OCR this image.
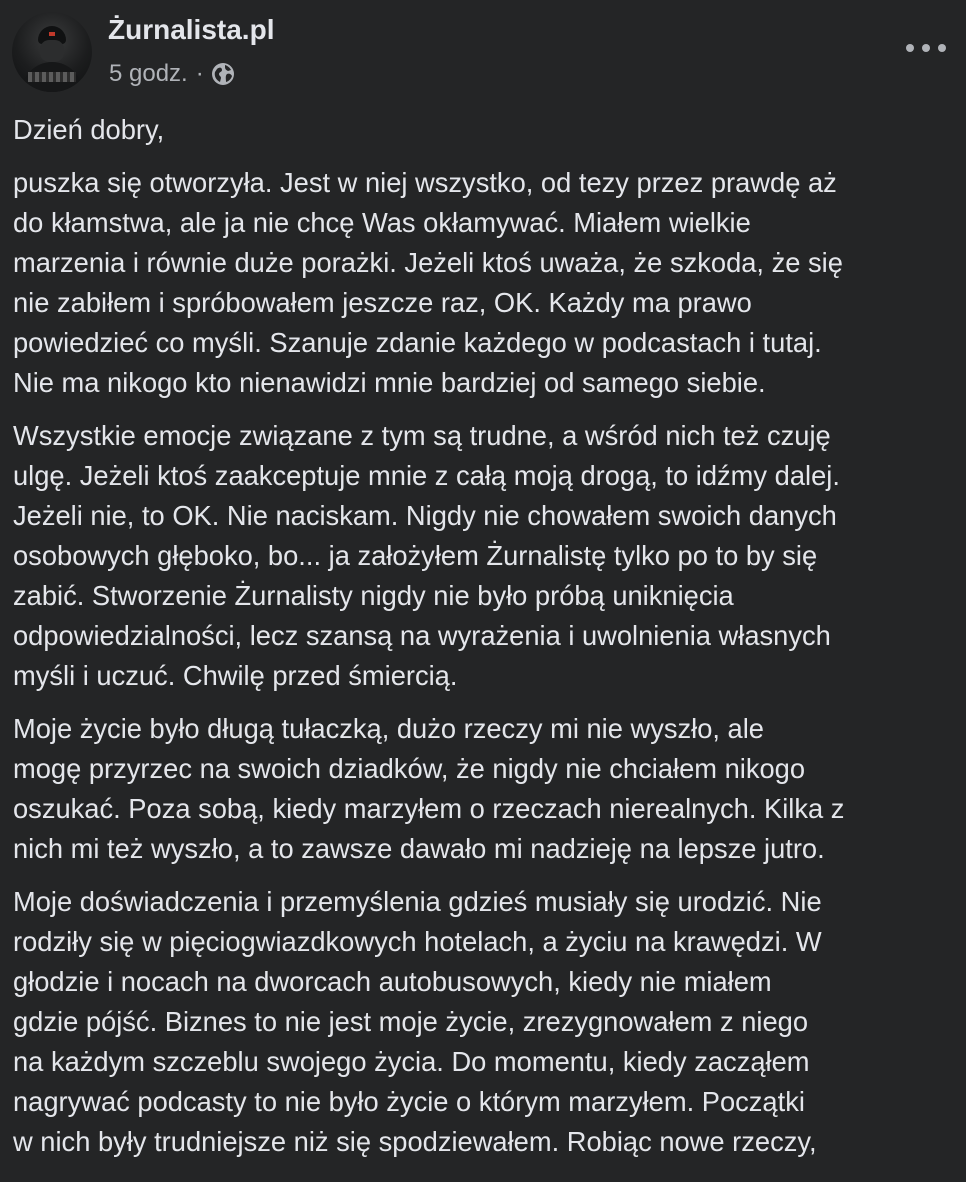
Żurnalista.pl
5 godz. ·

Dzień dobry,

puszka się otworzyła. Jest w niej wszystko, od tezy przez prawdę aż
do kłamstwa, ale ja nie chcę Was okłamywać. Miałem wielkie
marzenia i równie duże porażki. Jeżeli ktoś uważa, że szkoda, że się
nie zabiłem i spróbowałem jeszcze raz, OK. Każdy ma prawo
powiedzieć co myśli. Szanuje zdanie każdego w podcastach i tutaj.
Nie ma nikogo kto nienawidzi mnie bardziej od samego siebie.

Wszystkie emocje związane z tym są trudne, a wśród nich też czuję
ulgę. Jeżeli ktoś zaakceptuje mnie z całą moją drogą, to idźmy dalej.
Jeżeli nie, to OK. Nie naciskam. Nigdy nie chowałem swoich danych
osobowych głęboko, bo... ja założyłem Żurnalistę tylko po to by się
zabić. Stworzenie Żurnalisty nigdy nie było próbą uniknięcia
odpowiedzialności, lecz szansą na wyrażenia i uwolnienia własnych
myśli i uczuć. Chwilę przed śmiercią.

Moje życie było długą tułaczką, dużo rzeczy mi nie wyszło, ale
mogę przyrzec na swoich dziadków, że nigdy nie chciałem nikogo
oszukać. Poza sobą, kiedy marzyłem o rzeczach nierealnych. Kilka z
nich mi też wyszło, a to zawsze dawało mi nadzieję na lepsze jutro.

Moje doświadczenia i przemyślenia gdzieś musiały się urodzić. Nie
rodziły się w pięciogwiazdkowych hotelach, a życiu na krawędzi. W
głodzie i nocach na dworcach autobusowych, kiedy nie miałem
gdzie pójść. Biznes to nie jest moje życie, zrezygnowałem z niego
na każdym szczeblu swojego życia. Do momentu, kiedy zacząłem
nagrywać podcasty to nie było życie o którym marzyłem. Początki
w nich były trudniejsze niż się spodziewałem. Robiąc nowe rzeczy,
